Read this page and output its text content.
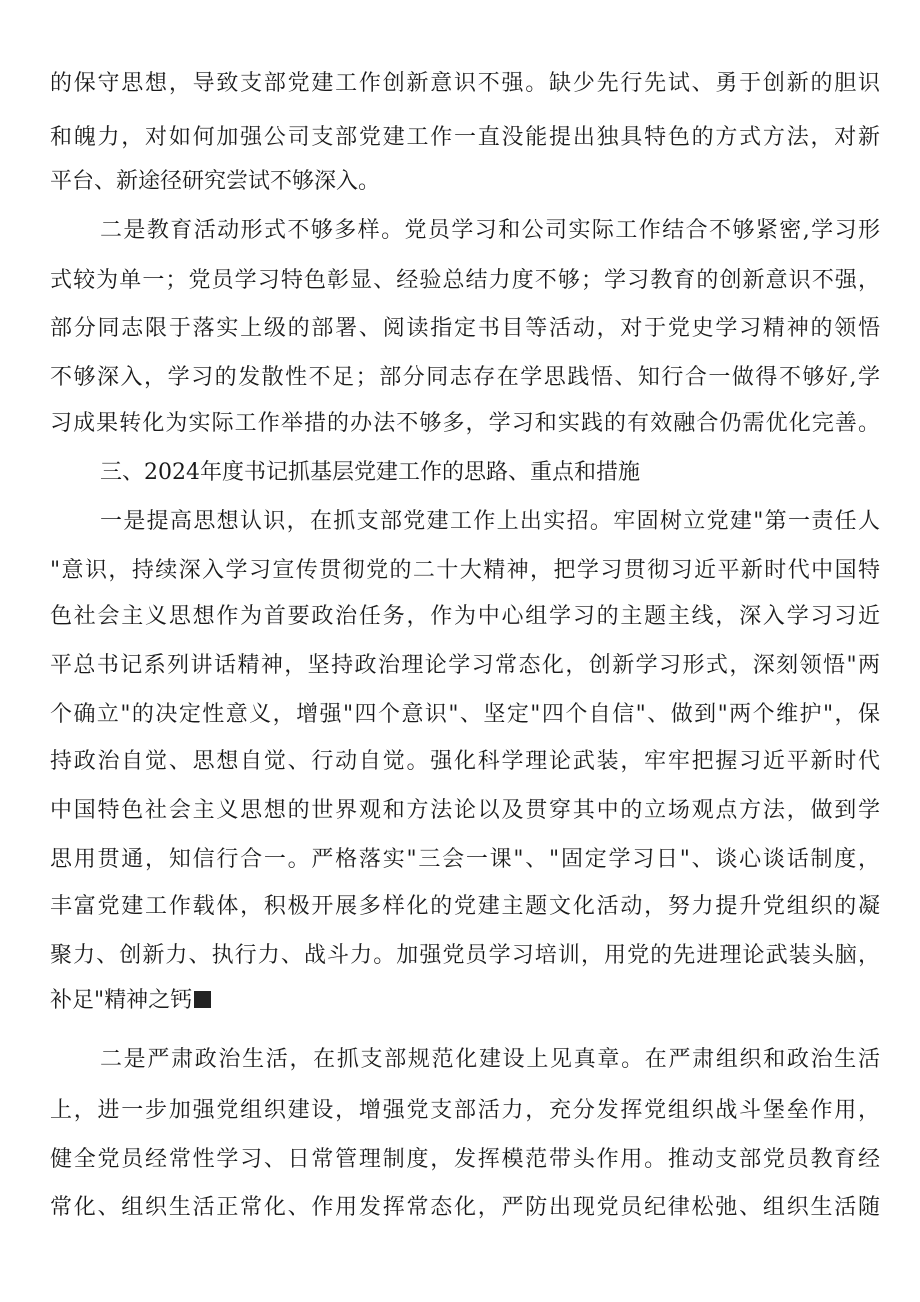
的保守思想，导致支部党建工作创新意识不强。缺少先行先试、勇于创新的胆识
和魄力，对如何加强公司支部党建工作一直没能提出独具特色的方式方法，对新
平台、新途径研究尝试不够深入。
二是教育活动形式不够多样。党员学习和公司实际工作结合不够紧密,学习形
式较为单一；党员学习特色彰显、经验总结力度不够；学习教育的创新意识不强，
部分同志限于落实上级的部署、阅读指定书目等活动，对于党史学习精神的领悟
不够深入，学习的发散性不足；部分同志存在学思践悟、知行合一做得不够好,学
习成果转化为实际工作举措的办法不够多，学习和实践的有效融合仍需优化完善。
三、2024年度书记抓基层党建工作的思路、重点和措施
一是提高思想认识，在抓支部党建工作上出实招。牢固树立党建"第一责任人
"意识，持续深入学习宣传贯彻党的二十大精神，把学习贯彻习近平新时代中国特
色社会主义思想作为首要政治任务，作为中心组学习的主题主线，深入学习习近
平总书记系列讲话精神，坚持政治理论学习常态化，创新学习形式，深刻领悟"两
个确立"的决定性意义，增强"四个意识"、坚定"四个自信"、做到"两个维护"，保
持政治自觉、思想自觉、行动自觉。强化科学理论武装，牢牢把握习近平新时代
中国特色社会主义思想的世界观和方法论以及贯穿其中的立场观点方法，做到学
思用贯通，知信行合一。严格落实"三会一课"、"固定学习日"、谈心谈话制度，
丰富党建工作载体，积极开展多样化的党建主题文化活动，努力提升党组织的凝
聚力、创新力、执行力、战斗力。加强党员学习培训，用党的先进理论武装头脑，
补足"精神之钙
二是严肃政治生活，在抓支部规范化建设上见真章。在严肃组织和政治生活
上，进一步加强党组织建设，增强党支部活力，充分发挥党组织战斗堡垒作用，
健全党员经常性学习、日常管理制度，发挥模范带头作用。推动支部党员教育经
常化、组织生活正常化、作用发挥常态化，严防出现党员纪律松弛、组织生活随
